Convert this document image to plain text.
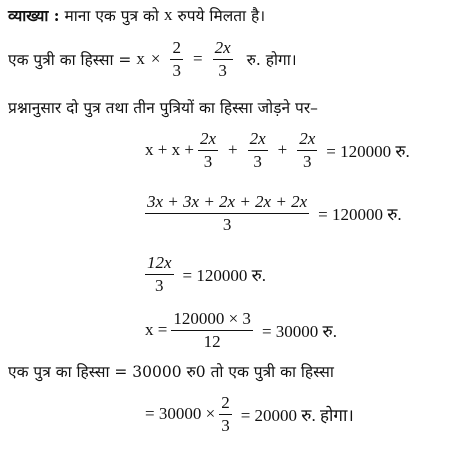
व्याख्या : माना एक पुत्र को x रुपये मिलता है।
एक पुत्री का हिस्सा = $x \times \frac{2}{3} = \frac{2x}{3}$ रु. होगा।
प्रश्नानुसार दो पुत्र तथा तीन पुत्रियों का हिस्सा जोड़ने पर–
$x + x + \frac{2x}{3} + \frac{2x}{3} + \frac{2x}{3} = 120000$ रु.
$\frac{3x + 3x + 2x + 2x + 2x}{3} = 120000$ रु.
$\frac{12x}{3} = 120000$ रु.
$x = \frac{120000 \times 3}{12} = 30000$ रु.
एक पुत्र का हिस्सा = 30000 रु0 तो एक पुत्री का हिस्सा
= $30000 \times \frac{2}{3} = 20000$ रु. होगा।
